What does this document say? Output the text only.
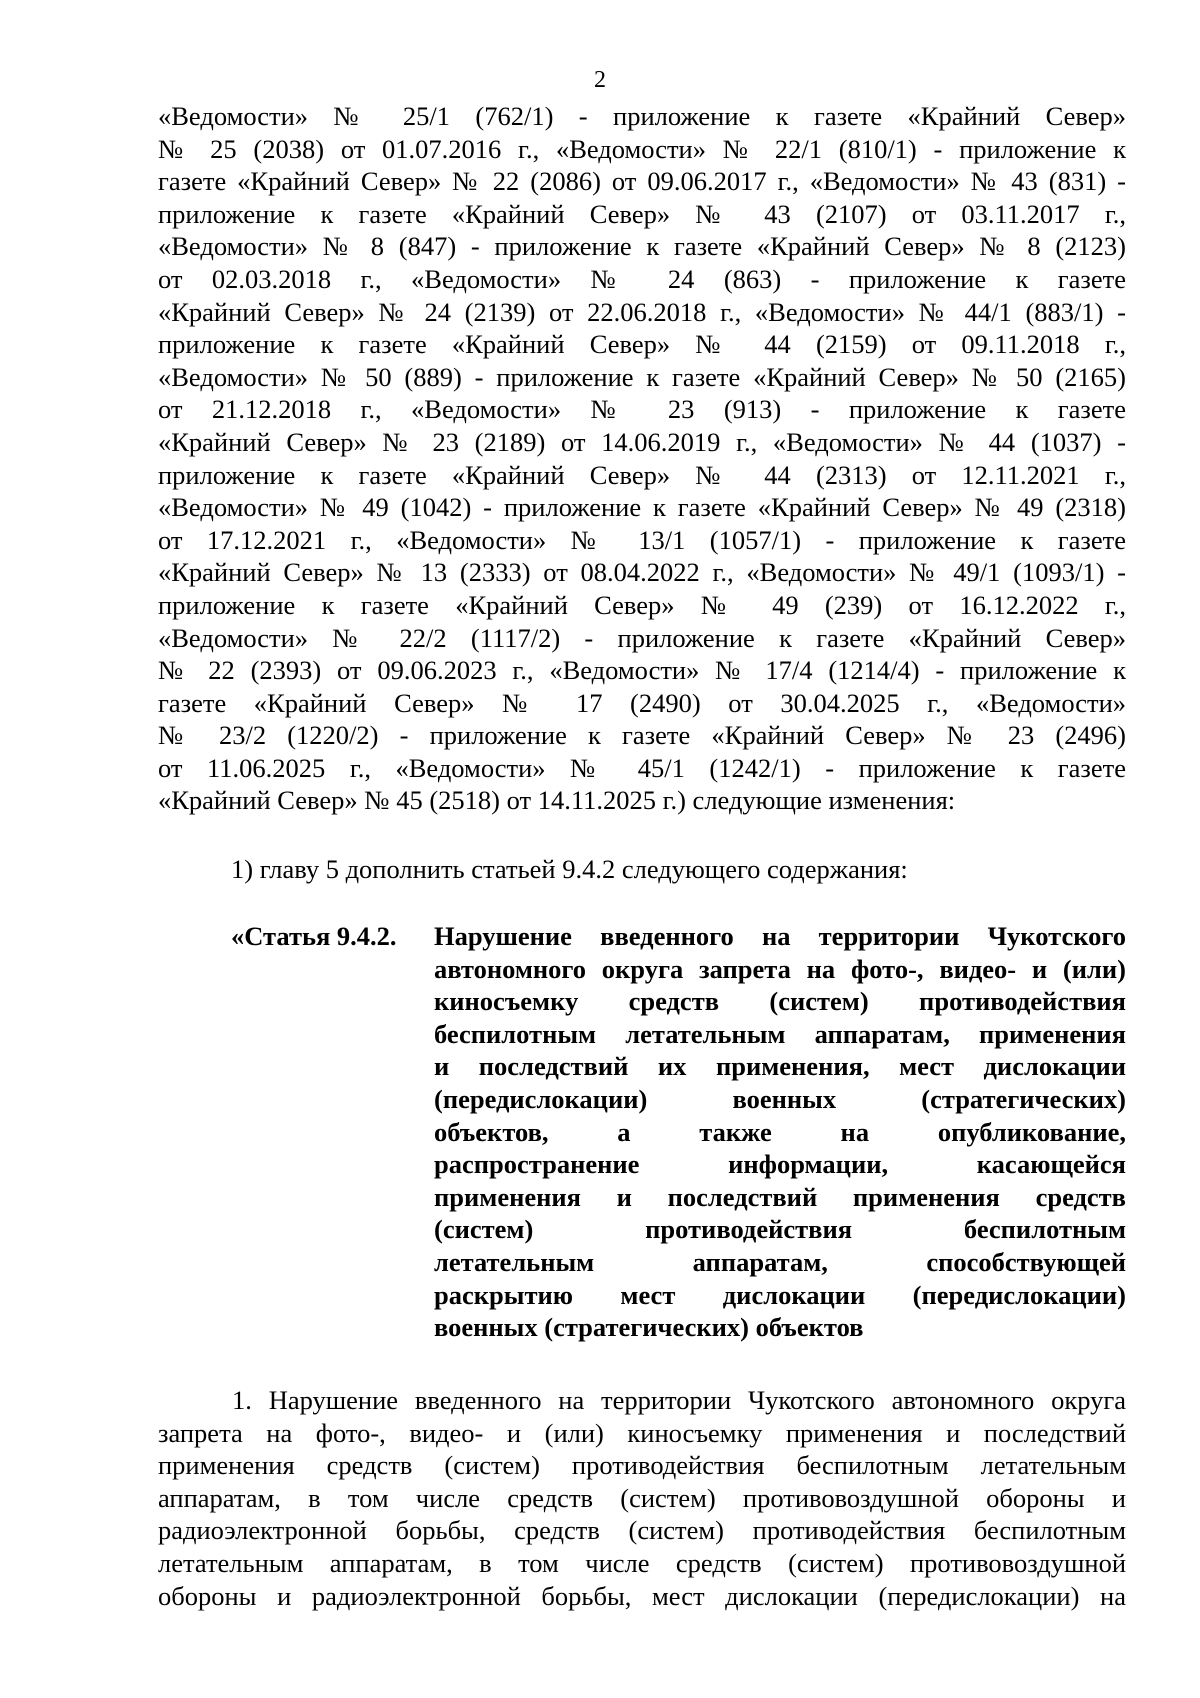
2
«Ведомости» № 25/1 (762/1) - приложение к газете «Крайний Север»
№ 25 (2038) от 01.07.2016 г., «Ведомости» № 22/1 (810/1) - приложение к
газете «Крайний Север» № 22 (2086) от 09.06.2017 г., «Ведомости» № 43 (831) -
приложение к газете «Крайний Север» № 43 (2107) от 03.11.2017 г.,
«Ведомости» № 8 (847) - приложение к газете «Крайний Север» № 8 (2123)
от 02.03.2018 г., «Ведомости» № 24 (863) - приложение к газете
«Крайний Север» № 24 (2139) от 22.06.2018 г., «Ведомости» № 44/1 (883/1) -
приложение к газете «Крайний Север» № 44 (2159) от 09.11.2018 г.,
«Ведомости» № 50 (889) - приложение к газете «Крайний Север» № 50 (2165)
от 21.12.2018 г., «Ведомости» № 23 (913) - приложение к газете
«Крайний Север» № 23 (2189) от 14.06.2019 г., «Ведомости» № 44 (1037) -
приложение к газете «Крайний Север» № 44 (2313) от 12.11.2021 г.,
«Ведомости» № 49 (1042) - приложение к газете «Крайний Север» № 49 (2318)
от 17.12.2021 г., «Ведомости» № 13/1 (1057/1) - приложение к газете
«Крайний Север» № 13 (2333) от 08.04.2022 г., «Ведомости» № 49/1 (1093/1) -
приложение к газете «Крайний Север» № 49 (239) от 16.12.2022 г.,
«Ведомости» № 22/2 (1117/2) - приложение к газете «Крайний Север»
№ 22 (2393) от 09.06.2023 г., «Ведомости» № 17/4 (1214/4) - приложение к
газете «Крайний Север» № 17 (2490) от 30.04.2025 г., «Ведомости»
№ 23/2 (1220/2) - приложение к газете «Крайний Север» № 23 (2496)
от 11.06.2025 г., «Ведомости» № 45/1 (1242/1) - приложение к газете
«Крайний Север» № 45 (2518) от 14.11.2025 г.) следующие изменения:
1) главу 5 дополнить статьей 9.4.2 следующего содержания:
«Статья 9.4.2. Нарушение введенного на территории Чукотского
автономного округа запрета на фото-, видео- и (или)
киносъемку средств (систем) противодействия
беспилотным летательным аппаратам, применения
и последствий их применения, мест дислокации
(передислокации) военных (стратегических)
объектов, а также на опубликование,
распространение информации, касающейся
применения и последствий применения средств
(систем) противодействия беспилотным
летательным аппаратам, способствующей
раскрытию мест дислокации (передислокации)
военных (стратегических) объектов
1. Нарушение введенного на территории Чукотского автономного округа
запрета на фото-, видео- и (или) киносъемку применения и последствий
применения средств (систем) противодействия беспилотным летательным
аппаратам, в том числе средств (систем) противовоздушной обороны и
радиоэлектронной борьбы, средств (систем) противодействия беспилотным
летательным аппаратам, в том числе средств (систем) противовоздушной
обороны и радиоэлектронной борьбы, мест дислокации (передислокации) на
